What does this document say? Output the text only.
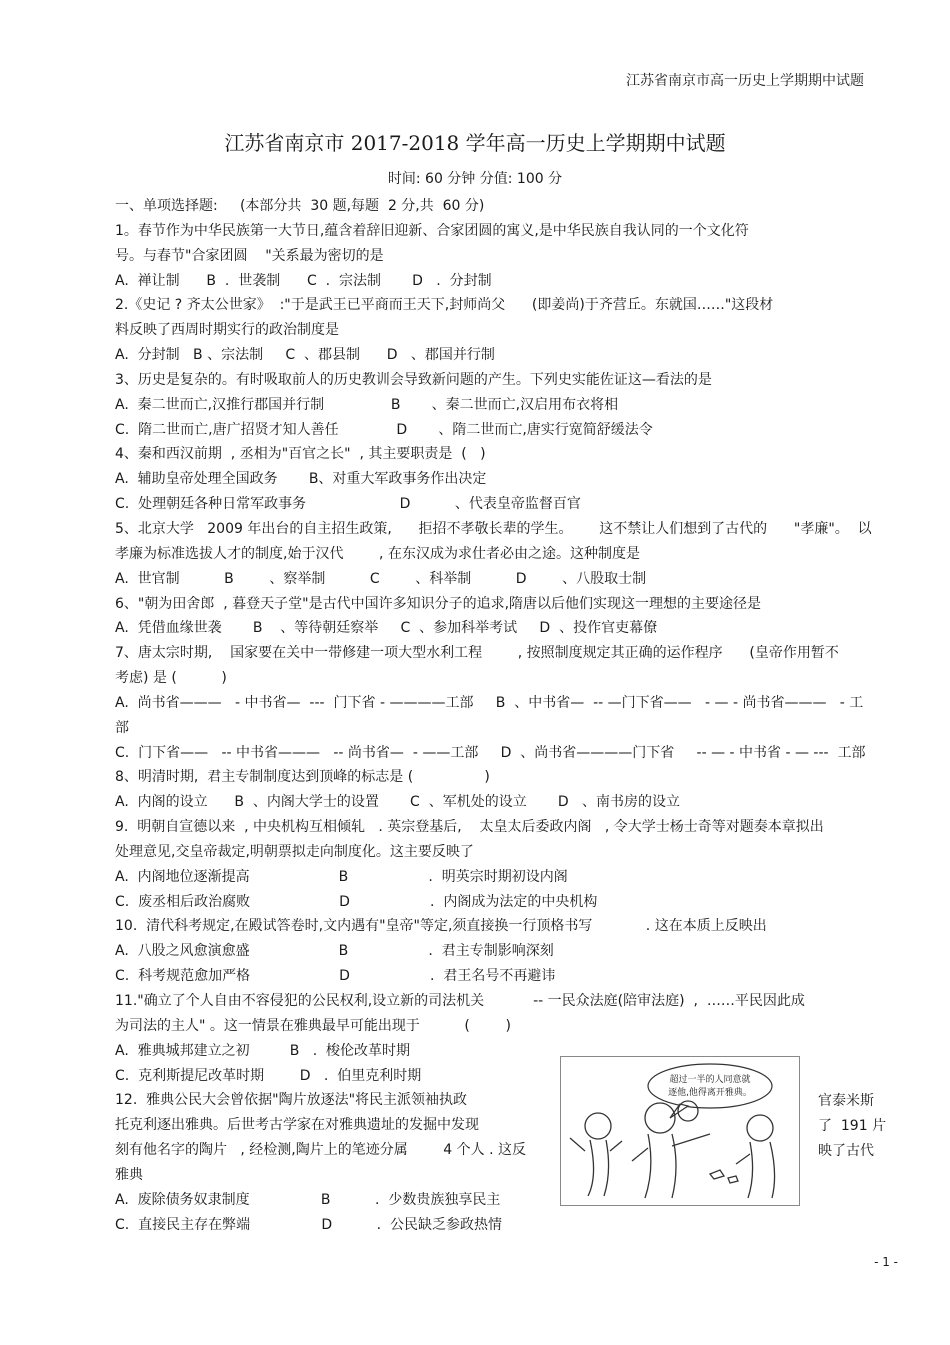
江苏省南京市高一历史上学期期中试题
江苏省南京市 2017-2018 学年高一历史上学期期中试题
时间: 60 分钟 分值: 100 分
一、单项选择题:     (本部分共  30 题,每题  2 分,共  60 分)
1。春节作为中华民族第一大节日,蕴含着辞旧迎新、合家团圆的寓义,是中华民族自我认同的一个文化符
号。与春节"合家团圆    "关系最为密切的是
A.  禅让制      B  .  世袭制      C  .  宗法制       D   .  分封制
2.《史记 ? 齐太公世家》  :"于是武王已平商而王天下,封师尚父      (即姜尚)于齐营丘。东就国……"这段材
料反映了西周时期实行的政治制度是
A.  分封制   B 、宗法制     C  、郡县制      D   、郡国并行制
3、历史是复杂的。有时吸取前人的历史教训会导致新问题的产生。下列史实能佐证这—看法的是
A.  秦二世而亡,汉推行郡国并行制               B       、秦二世而亡,汉启用布衣将相
C.  隋二世而亡,唐广招贤才知人善任             D       、隋二世而亡,唐实行宽简舒缓法令
4、秦和西汉前期  , 丞相为"百官之长"  , 其主要职责是  (   )
A.  辅助皇帝处理全国政务       B、对重大军政事务作出决定
C.  处理朝廷各种日常军政事务                     D          、代表皇帝监督百官
5、北京大学   2009 年出台的自主招生政策,      拒招不孝敬长辈的学生。      这不禁让人们想到了古代的      "孝廉"。  以
孝廉为标准选拔人才的制度,始于汉代        , 在东汉成为求仕者必由之途。这种制度是
A.  世官制          B        、察举制          C        、科举制          D        、八股取士制
6、"朝为田舍郎  , 暮登天子堂"是古代中国许多知识分子的追求,隋唐以后他们实现这一理想的主要途径是
A.  凭借血缘世袭       B    、等待朝廷察举     C  、参加科举考试     D  、投作官吏幕僚
7、唐太宗时期,    国家要在关中一带修建一项大型水利工程        , 按照制度规定其正确的运作程序      (皇帝作用暂不
考虑) 是 (          )
A.  尚书省———   - 中书省—  ---  门下省 - ————工部     B  、中书省—  -- —门下省——   - — - 尚书省———   - 工
部
C.  门下省——   -- 中书省———   -- 尚书省—  - ——工部     D  、尚书省————门下省     -- — - 中书省 - — ---  工部
8、明清时期,  君主专制制度达到顶峰的标志是 (                )
A.  内阁的设立      B  、内阁大学士的设置       C  、军机处的设立       D   、南书房的设立
9.  明朝自宣德以来  , 中央机构互相倾轧   . 英宗登基后,    太皇太后委政内阁   , 令大学士杨士奇等对题奏本章拟出
处理意见,交皇帝裁定,明朝票拟走向制度化。这主要反映了
A.  内阁地位逐渐提高                    B                  .  明英宗时期初设内阁
C.  废丞相后政治腐败                    D                  .  内阁成为法定的中央机构
10.  清代科考规定,在殿试答卷时,文内遇有"皇帝"等定,须直接换一行顶格书写            . 这在本质上反映出
A.  八股之风愈演愈盛                    B                  .  君主专制影响深刻
C.  科考规范愈加严格                    D                  .  君王名号不再避讳
11."确立了个人自由不容侵犯的公民权利,设立新的司法机关           -- 一民众法庭(陪审法庭)  ,  ……平民因此成
为司法的主人" 。这一情景在雅典最早可能出现于          (        )
A.  雅典城邦建立之初         B   .  梭伦改革时期
C.  克利斯提尼改革时期        D   .  伯里克利时期
12.  雅典公民大会曾依据"陶片放逐法"将民主派领袖执政
托克利逐出雅典。后世考古学家在对雅典遗址的发掘中发现
刻有他名字的陶片   , 经检测,陶片上的笔迹分属        4 个人 . 这反
雅典
A.  废除债务奴隶制度                B          .  少数贵族独享民主
C.  直接民主存在弊端                D          .  公民缺乏参政热情
超过一半的人同意就
逐他,他得离开雅典。	官泰米斯
了  191 片
映了古代
- 1 -
